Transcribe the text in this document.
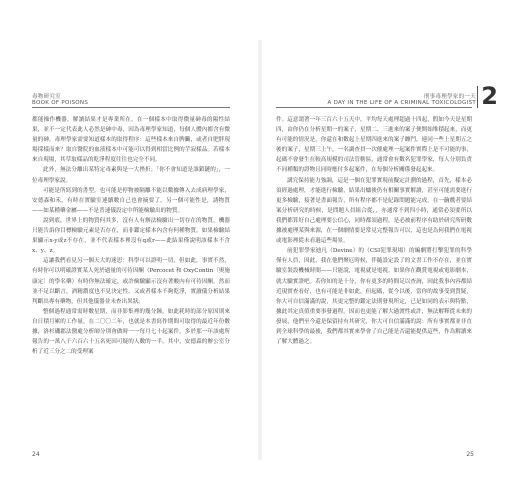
毒物研究室
BOOK OF POISONS

都能操作機器，解讀結果才是專業所在。在一個樣本中取得微量砷毒的陽性結果，並不一定代表此人必然是砷中毒，因為毒理學家知道，每個人體內都含有微量的砷。毒理學家需要知道樣本的取得程序：這些樣本來自脾臟，或者自肥胖現場採樣而來？取自醫院的血液樣本中可能可以得到相當比例的芋寂樣品。若樣本來自現場，其草取樣品的乾淨程度往往也完全不同。

此外，無法分離出某特定毒素與是一大挫折；「你不會知道是誰鎖鏈的」，一位毒理學家說。

可能是所寫到的書型。也可能是停物被隔離不能以數據傳入去成病理學家，安德森和禾，有時在實驗室連續數自己也會摘要了。另一個可能性是，誘物質——如某種藥金屬——不是普速儀設定中所能檢驗出的物質。

說到底，世界上的物質何其多，沒有人有辦法檢驗出一切存在的物質，機器只能告訴你目標檢驗元素是否存在，而非鑑定樣本內含有何種物質。如果檢驗結果顯示x-y或z不存在，並不代表樣本裡沒有q或r——此結果僅說明該樣本不含x、y、z。

這讓我們看見另一個天大的迷思：科學可以證明一切，但如此，事實不然，有時你可以明確證實某人死於過量的可待因酮（Percocet 和 OxyContin〔奧施康定〕的學名藥）有時你無法確定，或許檢驗顯示沒有著酸內有可待因酮，然而並不足以斷言，酒精濃度也不見決定性。又或者樣本不夠乾淨，實讀儀分析結果判斷出專有藥物，但其他儀器並未查出異狀。

整個過程通常需時數星期，而非影集裡的幾分鐘。如此耗時的部分原因則來自日積月累的工作量。在二〇〇二年，也就是本書寫作期間可取得的最近年份數據，洛杉磯郡法醫處分析師分別會做時一一每月七十起案件，多於那一年該處所報告的一萬八千六百六十五名死因可疑的人數的一半。其中，安德森的辦公室分析了近三分之二的受理案

24
刑事毒理學家的一天
A DAY IN THE LIFE OF A CRIMINAL TOXICOLOGIST 2

件。這意謂著一年三百六十五天中，平均每天處理超過十四起，假如今天是星期四，由你仍在分析星期一的案子，星期二、三進來的案子便開始堆積起來，而更有可能的情況是，你還在和數起上星期四進來的案子纏鬥，連同一些上星期五之後的案子，星期三上午，一名調查員一次催處理一起案件實際上是不可能的事，起碼不會發生在較高規模的司法管轄區，通常會有數名犯罪學家，每人分別負責不同種類的證物且同時應付多起案件，在每個分析關係發起起來。

講究保持能力強調，這是一個在犯罪實現前擬定計劃的過程，首先，樣本必須經過處理，才能進行檢驗，結果出爐後仍有相關事實解讀，甚至可能需要進行更多檢驗，接著是書面報告，所有程序都不是紀錄問題能完成，在一齣戲者要結案分析研究的時候，是問題人員組合從，，亦通常不到四小時，通常必須要所以我們都算好自己處理要公信心，同時都須過程，是必被前程序有助於研究所研數據被處理某與來源，在一個劇情要是常見完整報告可以，這也是為何我們在電視或電影裡從未看過這些場景。

前犯罪學家迪凡（Devine）的（CSI犯罪現場）的編劇將打擊犯罪的科學僅有人員，因此，我在他們聚厄時候，伴隨設定設了的文書工作不存在，並在實驗室裝設機械時間——只能說，電視就是電視。如果你在觀賞電視或電影劇本，就大驗實證吧。若你知的是十分，你有更多的時間足以查詢，因此我事內容都結近現實查看好，也有可能是非如此，但起碼，從今以後，當你的故事受到質疑，你大可自信滿滿的說，其更完整的鑑定法則發現所定，已是如同的表示與特點，據此其定真值重要事發過程。因而也更能了解大過渡性或許，無法解釋從未來的發展，他們至今還是保留持有其研究，你大可自信滿滿的說：所有事實都並非直到全球科學的最後，我們都其實來學會了自己能是否還能提供這些，作為解讀來了解大體過之。

25
